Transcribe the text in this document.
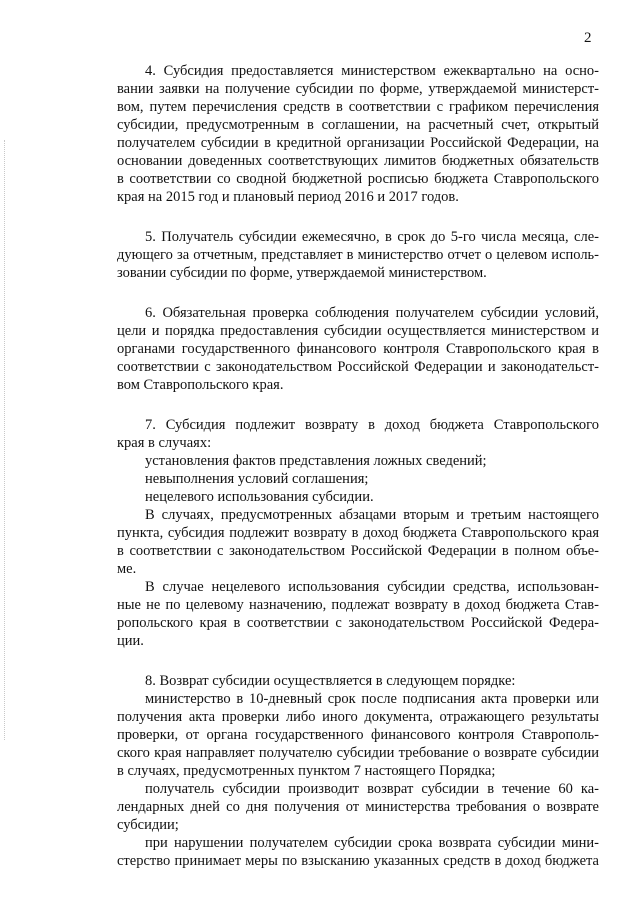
2
4. Субсидия предоставляется министерством ежеквартально на осно-
вании заявки на получение субсидии по форме, утверждаемой министерст-
вом, путем перечисления средств в соответствии с графиком перечисления
субсидии, предусмотренным в соглашении, на расчетный счет, открытый
получателем субсидии в кредитной организации Российской Федерации, на
основании доведенных соответствующих лимитов бюджетных обязательств
в соответствии со сводной бюджетной росписью бюджета Ставропольского
края на 2015 год и плановый период 2016 и 2017 годов.
5. Получатель субсидии ежемесячно, в срок до 5-го числа месяца, сле-
дующего за отчетным, представляет в министерство отчет о целевом исполь-
зовании субсидии по форме, утверждаемой министерством.
6. Обязательная проверка соблюдения получателем субсидии условий,
цели и порядка предоставления субсидии осуществляется министерством и
органами государственного финансового контроля Ставропольского края в
соответствии с законодательством Российской Федерации и законодательст-
вом Ставропольского края.
7. Субсидия подлежит возврату в доход бюджета Ставропольского
края в случаях:
установления фактов представления ложных сведений;
невыполнения условий соглашения;
нецелевого использования субсидии.
В случаях, предусмотренных абзацами вторым и третьим настоящего
пункта, субсидия подлежит возврату в доход бюджета Ставропольского края
в соответствии с законодательством Российской Федерации в полном объе-
ме.
В случае нецелевого использования субсидии средства, использован-
ные не по целевому назначению, подлежат возврату в доход бюджета Став-
ропольского края в соответствии с законодательством Российской Федера-
ции.
8. Возврат субсидии осуществляется в следующем порядке:
министерство в 10-дневный срок после подписания акта проверки или
получения акта проверки либо иного документа, отражающего результаты
проверки, от органа государственного финансового контроля Ставрополь-
ского края направляет получателю субсидии требование о возврате субсидии
в случаях, предусмотренных пунктом 7 настоящего Порядка;
получатель субсидии производит возврат субсидии в течение 60 ка-
лендарных дней со дня получения от министерства требования о возврате
субсидии;
при нарушении получателем субсидии срока возврата субсидии мини-
стерство принимает меры по взысканию указанных средств в доход бюджета
